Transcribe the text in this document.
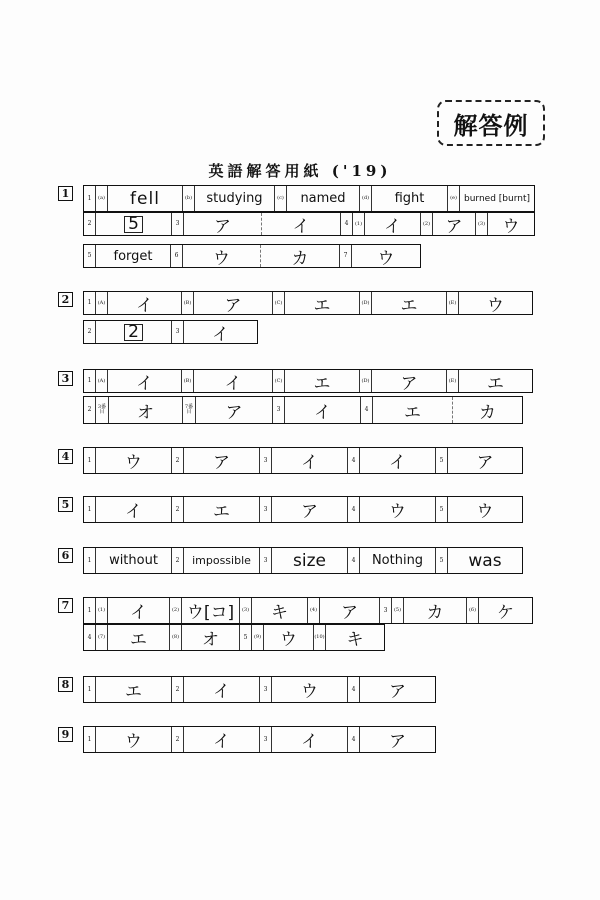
解答例
英語解答用紙 ('19)
1	1	(a)	fell	(b)	studying	(c)	named	(d)	fight	(e) burned [burnt]
2	5	3	ア	イ	4	(1)	イ	(2) ア	(3)	ウ
5	forget	6	ウ	カ	7	ウ
2	1	(A)	イ	(B)	ア	(C)	エ	(D)	エ	(E)	ウ
2	2	3	イ
3	1	(A)	イ	(B)	イ	(C)	エ	(D)	ア	(E)	エ
2	3番目	オ	7番目	ア	3	イ	4	エ	カ
4	1	ウ	2	ア	3	イ	4	イ	5	ア
5	1	イ	2	エ	3	ア	4	ウ	5	ウ
6	1	without	2	impossible	3	size	4	Nothing	5	was
7	1	(1)	イ	(2) ウ[コ]	(3)	キ	(4)	ア	3	(5)	カ	(6)	ケ
4	(7)	エ	(8)	オ	5	(9)	ウ	(10)	キ
8	1	エ	2	イ	3	ウ	4	ア
9	1	ウ	2	イ	3	イ	4	ア
